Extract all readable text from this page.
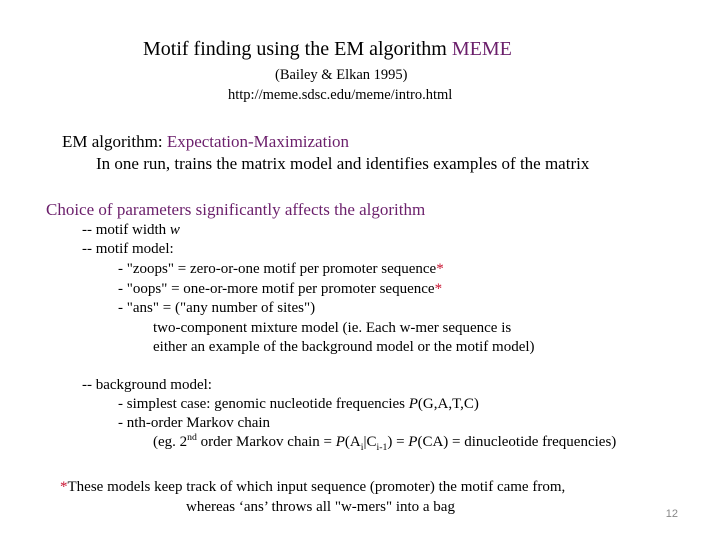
Motif finding using the EM algorithm MEME
(Bailey & Elkan 1995)
http://meme.sdsc.edu/meme/intro.html
EM algorithm: Expectation-Maximization
In one run, trains the matrix model and identifies examples of the matrix
Choice of parameters significantly affects the algorithm
-- motif width w
-- motif model:
- "zoops" = zero-or-one motif per promoter sequence*
- "oops" = one-or-more motif per promoter sequence*
- "ans" = ("any number of sites")
two-component mixture model (ie. Each w-mer sequence is
either an example of the background model or the motif model)
-- background model:
- simplest case: genomic nucleotide frequencies P(G,A,T,C)
- nth-order Markov chain
(eg. 2nd order Markov chain = $P(A_i|C_{i-1}) = P(CA)$ = dinucleotide frequencies)
*These models keep track of which input sequence (promoter) the motif came from,
whereas ‘ans’ throws all "w-mers" into a bag	12
